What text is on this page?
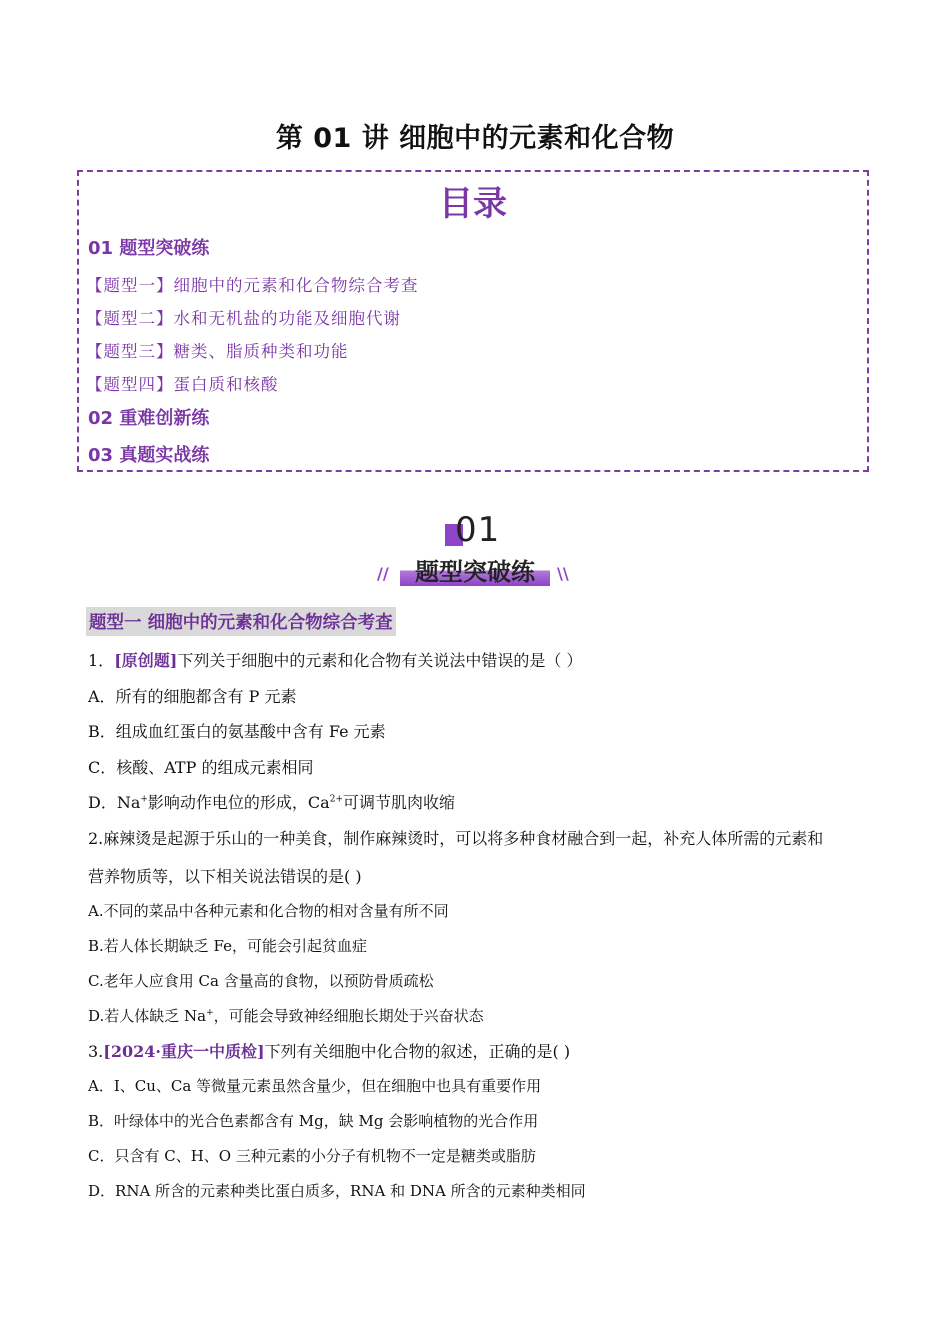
第 01 讲 细胞中的元素和化合物
目录
01 题型突破练
【题型一】细胞中的元素和化合物综合考查
【题型二】水和无机盐的功能及细胞代谢
【题型三】糖类、脂质种类和功能
【题型四】蛋白质和核酸
02 重难创新练
03 真题实战练
01
题型突破练
//	\\
题型一 细胞中的元素和化合物综合考查
1．[原创题]下列关于细胞中的元素和化合物有关说法中错误的是（ ）
A．所有的细胞都含有 P 元素
B．组成血红蛋白的氨基酸中含有 Fe 元素
C．核酸、ATP 的组成元素相同
D．Na+影响动作电位的形成，$Ca^{2+}$可调节肌肉收缩
2.麻辣烫是起源于乐山的一种美食，制作麻辣烫时，可以将多种食材融合到一起，补充人体所需的元素和
营养物质等，以下相关说法错误的是( )
A.不同的菜品中各种元素和化合物的相对含量有所不同
B.若人体长期缺乏 Fe，可能会引起贫血症
C.老年人应食用 Ca 含量高的食物，以预防骨质疏松
D.若人体缺乏 Na+，可能会导致神经细胞长期处于兴奋状态
3.[2024·重庆一中质检]下列有关细胞中化合物的叙述，正确的是( )
A．I、Cu、Ca 等微量元素虽然含量少，但在细胞中也具有重要作用
B．叶绿体中的光合色素都含有 Mg，缺 Mg 会影响植物的光合作用
C．只含有 C、H、O 三种元素的小分子有机物不一定是糖类或脂肪
D．RNA 所含的元素种类比蛋白质多，RNA 和 DNA 所含的元素种类相同
